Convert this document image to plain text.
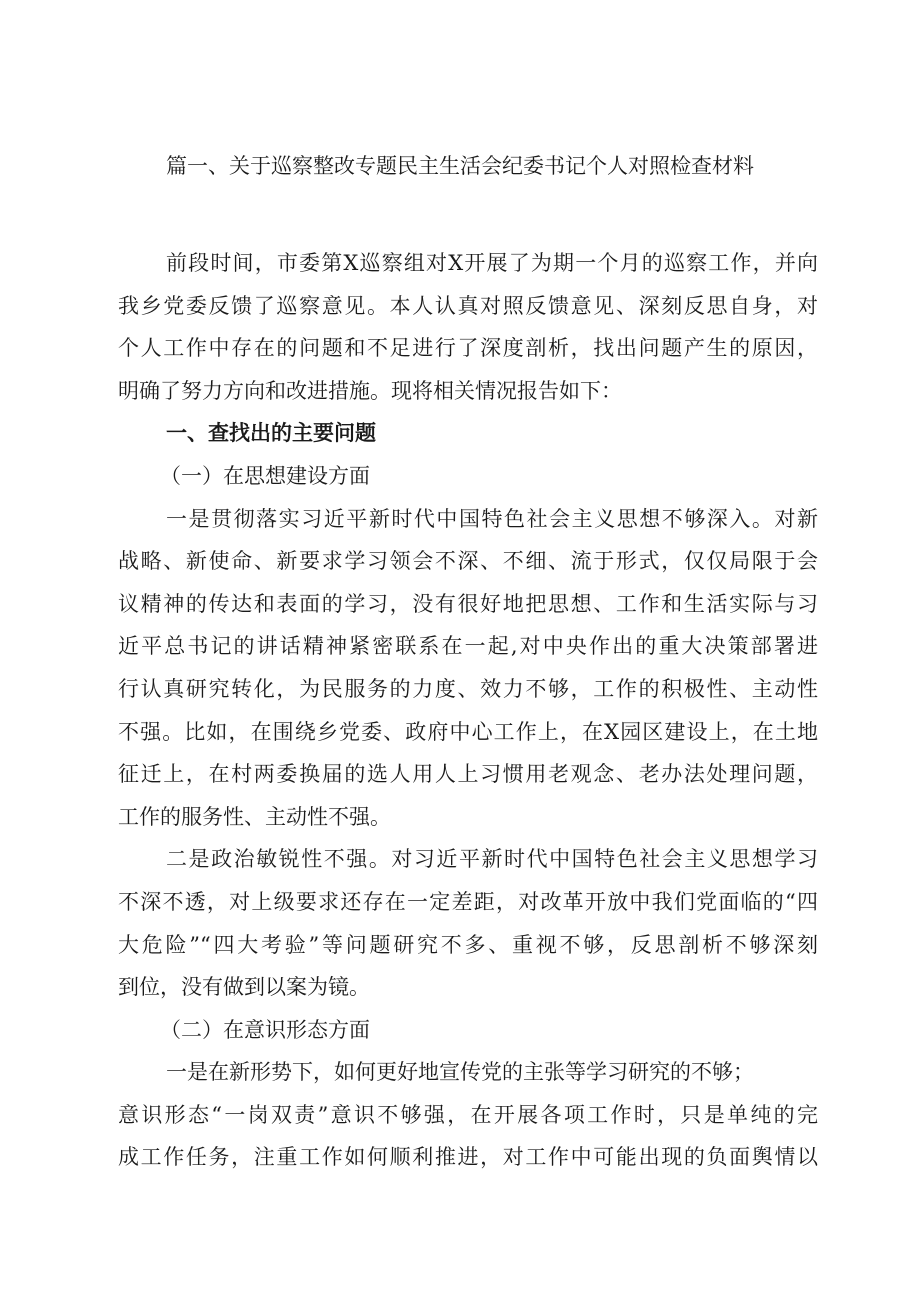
篇一、关于巡察整改专题民主生活会纪委书记个人对照检查材料
前段时间，市委第X巡察组对X开展了为期一个月的巡察工作，并向
我乡党委反馈了巡察意见。本人认真对照反馈意见、深刻反思自身，对
个人工作中存在的问题和不足进行了深度剖析，找出问题产生的原因，
明确了努力方向和改进措施。现将相关情况报告如下：
一、查找出的主要问题
（一）在思想建设方面
一是贯彻落实习近平新时代中国特色社会主义思想不够深入。对新
战略、新使命、新要求学习领会不深、不细、流于形式，仅仅局限于会
议精神的传达和表面的学习，没有很好地把思想、工作和生活实际与习
近平总书记的讲话精神紧密联系在一起,对中央作出的重大决策部署进
行认真研究转化，为民服务的力度、效力不够，工作的积极性、主动性
不强。比如，在围绕乡党委、政府中心工作上，在X园区建设上，在土地
征迁上，在村两委换届的选人用人上习惯用老观念、老办法处理问题，
工作的服务性、主动性不强。
二是政治敏锐性不强。对习近平新时代中国特色社会主义思想学习
不深不透，对上级要求还存在一定差距，对改革开放中我们党面临的“四
大危险”“四大考验”等问题研究不多、重视不够，反思剖析不够深刻
到位，没有做到以案为镜。
（二）在意识形态方面
一是在新形势下，如何更好地宣传党的主张等学习研究的不够；
意识形态“一岗双责”意识不够强，在开展各项工作时，只是单纯的完
成工作任务，注重工作如何顺利推进，对工作中可能出现的负面舆情以
